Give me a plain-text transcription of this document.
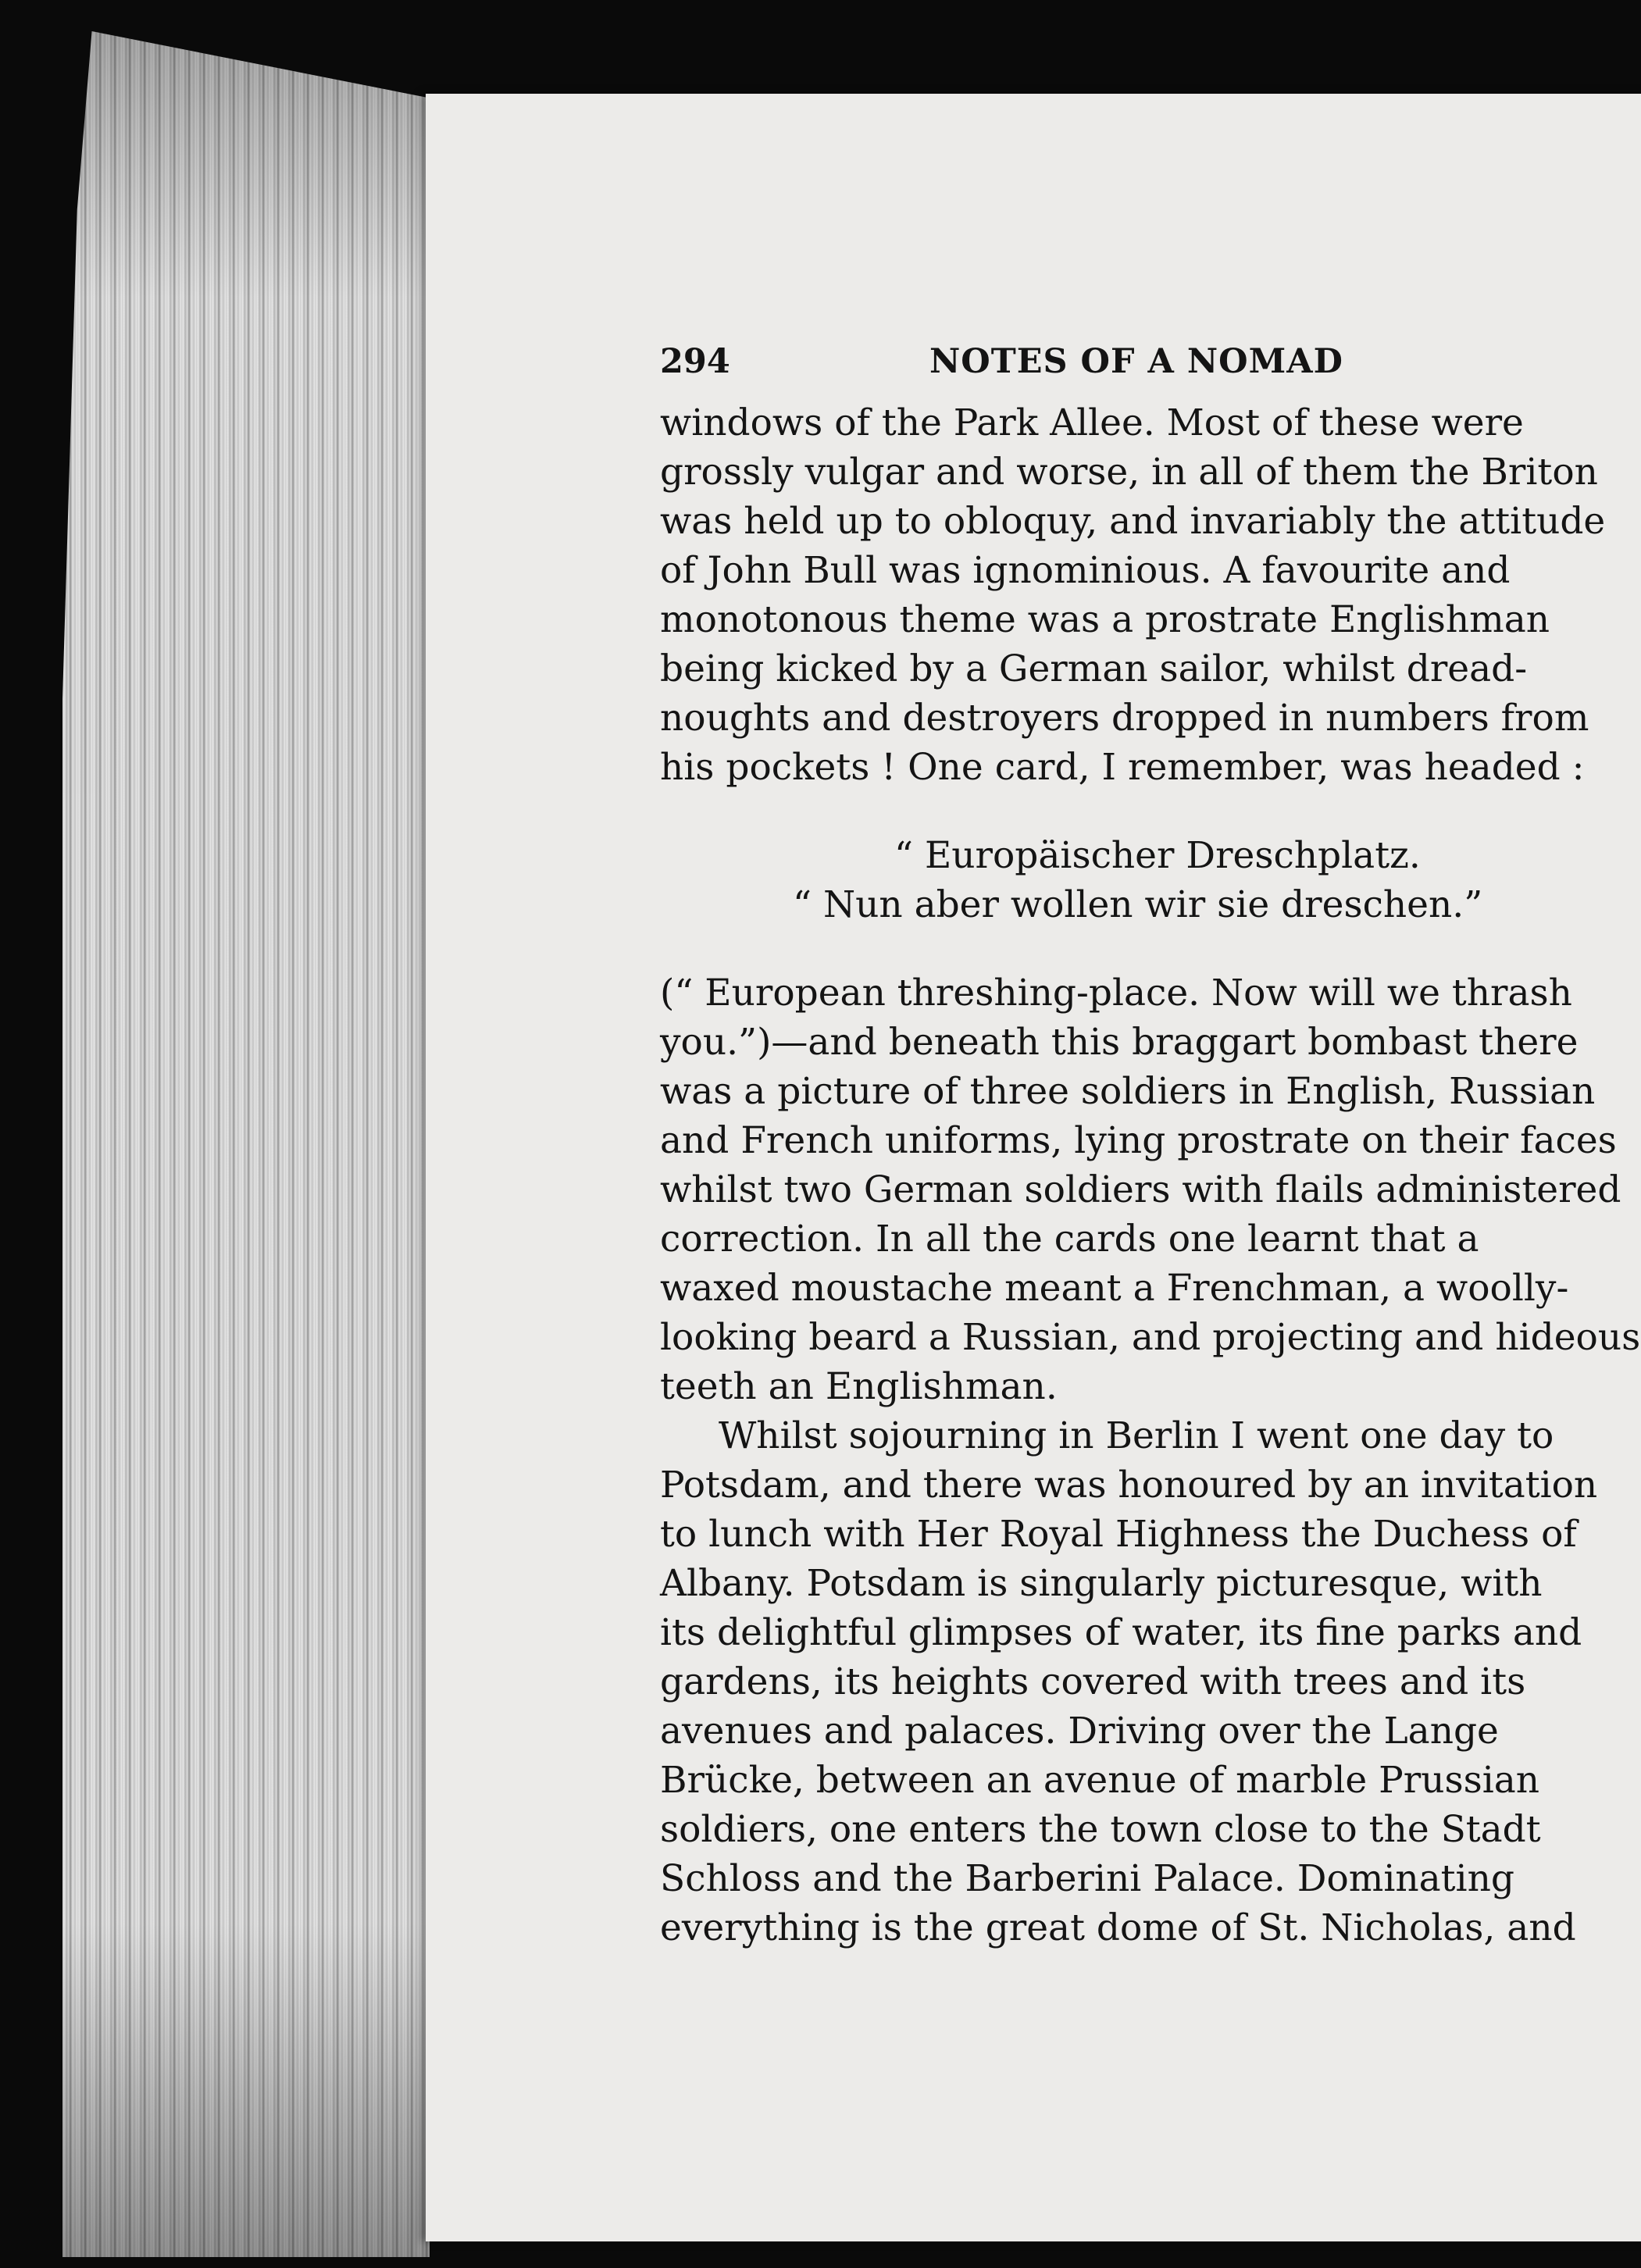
294	NOTES OF A NOMAD
windows of the Park Allee. Most of these were
grossly vulgar and worse, in all of them the Briton
was held up to obloquy, and invariably the attitude
of John Bull was ignominious. A favourite and
monotonous theme was a prostrate Englishman
being kicked by a German sailor, whilst dread-
noughts and destroyers dropped in numbers from
his pockets ! One card, I remember, was headed :
“ Europäischer Dreschplatz.
“ Nun aber wollen wir sie dreschen.”
(“ European threshing-place. Now will we thrash
you.”)—and beneath this braggart bombast there
was a picture of three soldiers in English, Russian
and French uniforms, lying prostrate on their faces
whilst two German soldiers with flails administered
correction. In all the cards one learnt that a
waxed moustache meant a Frenchman, a woolly-
looking beard a Russian, and projecting and hideous
teeth an Englishman.
Whilst sojourning in Berlin I went one day to
Potsdam, and there was honoured by an invitation
to lunch with Her Royal Highness the Duchess of
Albany. Potsdam is singularly picturesque, with
its delightful glimpses of water, its fine parks and
gardens, its heights covered with trees and its
avenues and palaces. Driving over the Lange
Brücke, between an avenue of marble Prussian
soldiers, one enters the town close to the Stadt
Schloss and the Barberini Palace. Dominating
everything is the great dome of St. Nicholas, and
